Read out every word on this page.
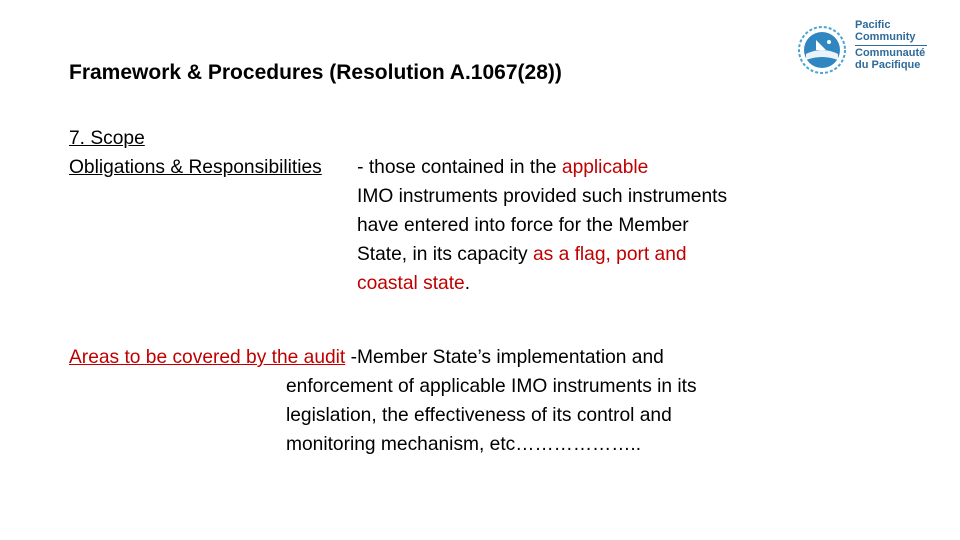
Framework & Procedures (Resolution A.1067(28))
Pacific
Community
Communauté
du Pacifique
7. Scope
Obligations & Responsibilities - those contained in the applicable
IMO instruments provided such instruments
have entered into force for the Member
State, in its capacity as a flag, port and
coastal state.
Areas to be covered by the audit -Member State’s implementation and
enforcement of applicable IMO instruments in its
legislation, the effectiveness of its control and
monitoring mechanism, etc………………..
